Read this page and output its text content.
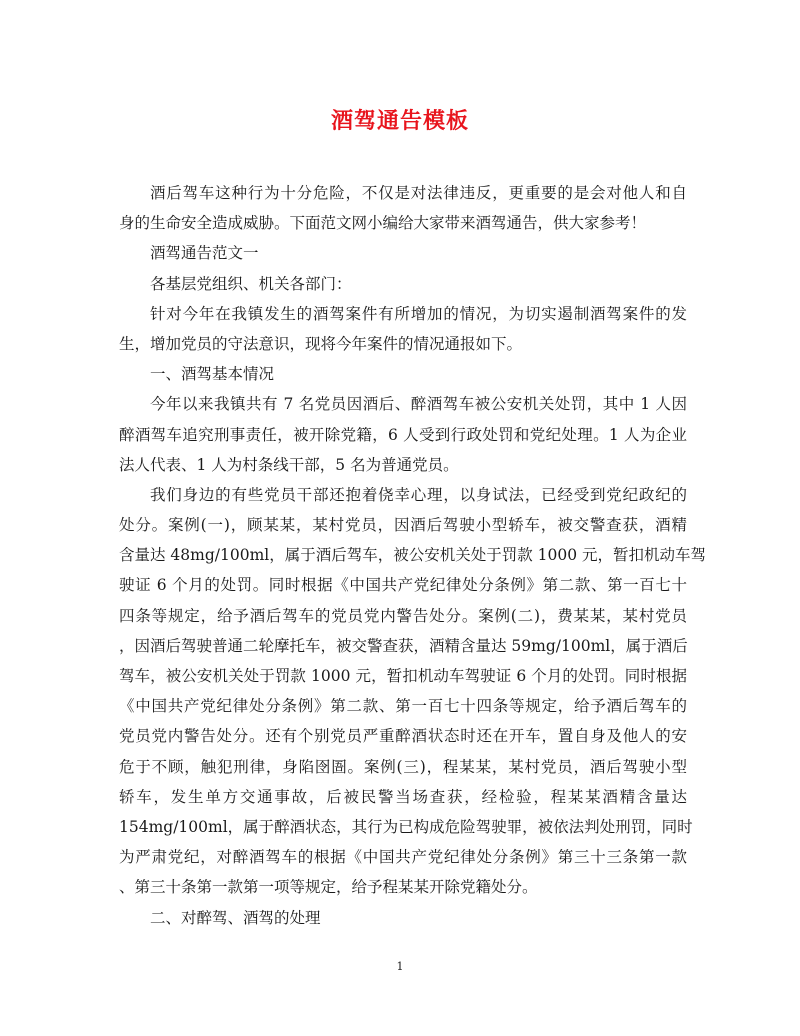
酒驾通告模板
酒后驾车这种行为十分危险，不仅是对法律违反，更重要的是会对他人和自
身的生命安全造成威胁。下面范文网小编给大家带来酒驾通告，供大家参考！
酒驾通告范文一
各基层党组织、机关各部门：
针对今年在我镇发生的酒驾案件有所增加的情况，为切实遏制酒驾案件的发
生，增加党员的守法意识，现将今年案件的情况通报如下。
一、酒驾基本情况
今年以来我镇共有 7 名党员因酒后、醉酒驾车被公安机关处罚，其中 1 人因
醉酒驾车追究刑事责任，被开除党籍，6 人受到行政处罚和党纪处理。1 人为企业
法人代表、1 人为村条线干部，5 名为普通党员。
我们身边的有些党员干部还抱着侥幸心理，以身试法，已经受到党纪政纪的
处分。案例(一)，顾某某，某村党员，因酒后驾驶小型轿车，被交警查获，酒精
含量达 48mg/100ml，属于酒后驾车，被公安机关处于罚款 1000 元，暂扣机动车驾
驶证 6 个月的处罚。同时根据《中国共产党纪律处分条例》第二款、第一百七十
四条等规定，给予酒后驾车的党员党内警告处分。案例(二)，费某某，某村党员
，因酒后驾驶普通二轮摩托车，被交警查获，酒精含量达 59mg/100ml，属于酒后
驾车，被公安机关处于罚款 1000 元，暂扣机动车驾驶证 6 个月的处罚。同时根据
《中国共产党纪律处分条例》第二款、第一百七十四条等规定，给予酒后驾车的
党员党内警告处分。还有个别党员严重醉酒状态时还在开车，置自身及他人的安
危于不顾，触犯刑律，身陷囹圄。案例(三)，程某某，某村党员，酒后驾驶小型
轿车，发生单方交通事故，后被民警当场查获，经检验，程某某酒精含量达
154mg/100ml，属于醉酒状态，其行为已构成危险驾驶罪，被依法判处刑罚，同时
为严肃党纪，对醉酒驾车的根据《中国共产党纪律处分条例》第三十三条第一款
、第三十条第一款第一项等规定，给予程某某开除党籍处分。
二、对醉驾、酒驾的处理
1
